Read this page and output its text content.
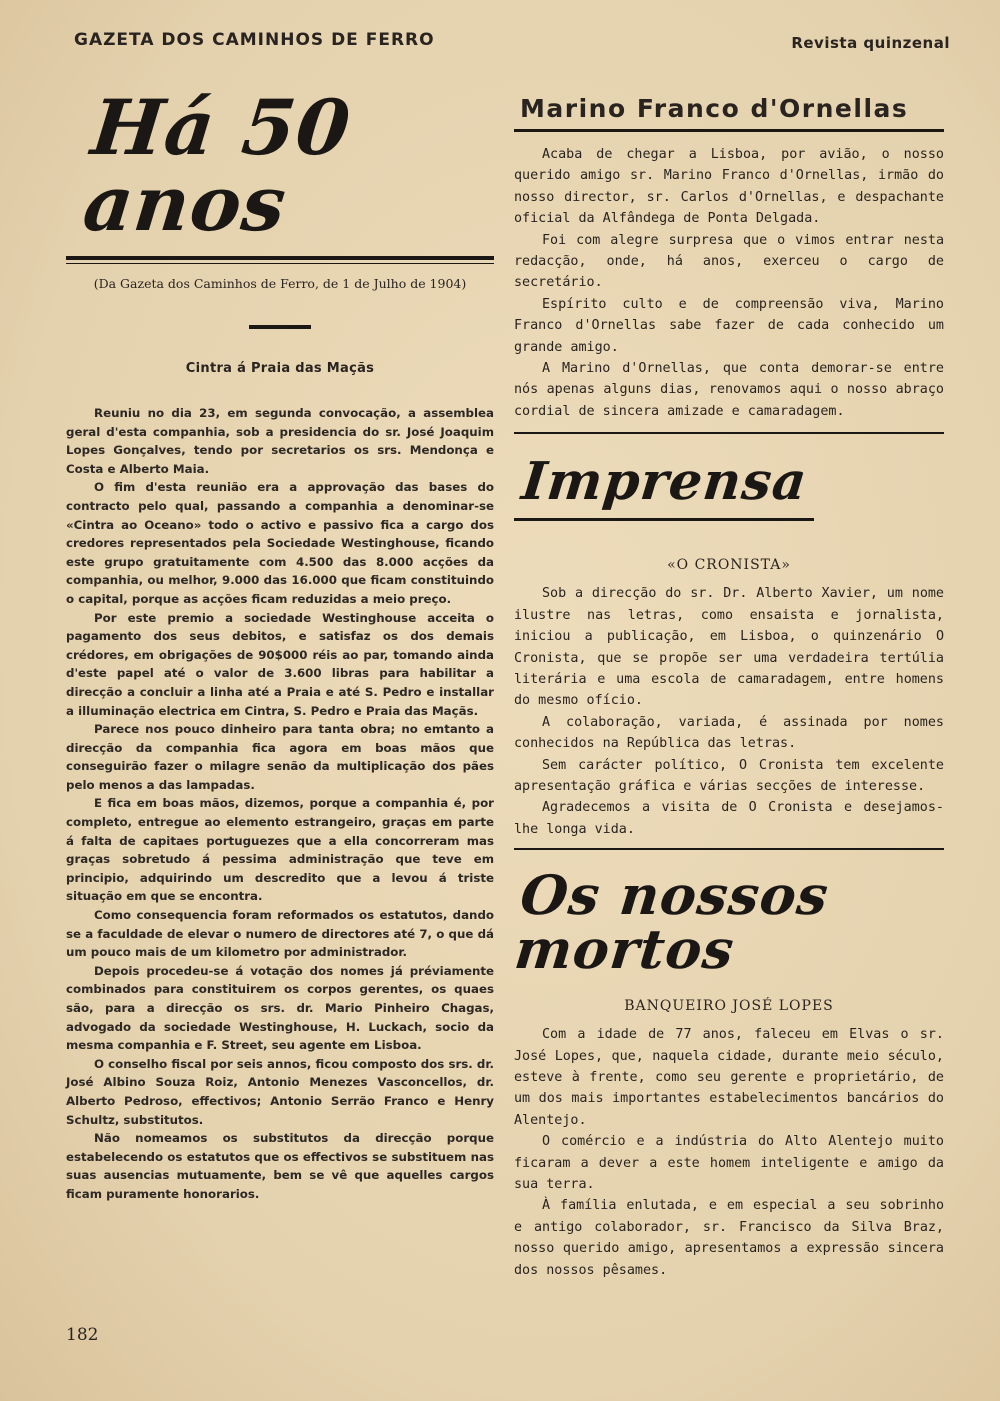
GAZETA DOS CAMINHOS DE FERRO	Revista quinzenal
Há 50 anos
(Da Gazeta dos Caminhos de Ferro, de 1 de Julho de 1904)
Cintra á Praia das Maçãs

Reuniu no dia 23, em segunda convocação, a assemblea geral d'esta companhia, sob a presidencia do sr. José Joaquim Lopes Gonçalves, tendo por secretarios os srs. Mendonça e Costa e Alberto Maia.

O fim d'esta reunião era a approvação das bases do contracto pelo qual, passando a companhia a denominar-se «Cintra ao Oceano» todo o activo e passivo fica a cargo dos credores representados pela Sociedade Westinghouse, ficando este grupo gratuitamente com 4.500 das 8.000 acções da companhia, ou melhor, 9.000 das 16.000 que ficam constituindo o capital, porque as acções ficam reduzidas a meio preço.

Por este premio a sociedade Westinghouse acceita o pagamento dos seus debitos, e satisfaz os dos demais crédores, em obrigações de 90$000 réis ao par, tomando ainda d'este papel até o valor de 3.600 libras para habilitar a direcção a concluir a linha até a Praia e até S. Pedro e installar a illuminação electrica em Cintra, S. Pedro e Praia das Maçãs.

Parece nos pouco dinheiro para tanta obra; no emtanto a direcção da companhia fica agora em boas mãos que conseguirão fazer o milagre senão da multiplicação dos pães pelo menos a das lampadas.

E fica em boas mãos, dizemos, porque a companhia é, por completo, entregue ao elemento estrangeiro, graças em parte á falta de capitaes portuguezes que a ella concorreram mas graças sobretudo á pessima administração que teve em principio, adquirindo um descredito que a levou á triste situação em que se encontra.

Como consequencia foram reformados os estatutos, dando se a faculdade de elevar o numero de directores até 7, o que dá um pouco mais de um kilometro por administrador.

Depois procedeu-se á votação dos nomes já préviamente combinados para constituirem os corpos gerentes, os quaes são, para a direcção os srs. dr. Mario Pinheiro Chagas, advogado da sociedade Westinghouse, H. Luckach, socio da mesma companhia e F. Street, seu agente em Lisboa.

O conselho fiscal por seis annos, ficou composto dos srs. dr. José Albino Souza Roiz, Antonio Menezes Vasconcellos, dr. Alberto Pedroso, effectivos; Antonio Serrão Franco e Henry Schultz, substitutos.

Não nomeamos os substitutos da direcção porque estabelecendo os estatutos que os effectivos se substituem nas suas ausencias mutuamente, bem se vê que aquelles cargos ficam puramente honorarios.

Marino Franco d'Ornellas

Acaba de chegar a Lisboa, por avião, o nosso querido amigo sr. Marino Franco d'Ornellas, irmão do nosso director, sr. Carlos d'Ornellas, e despachante oficial da Alfândega de Ponta Delgada.

Foi com alegre surpresa que o vimos entrar nesta redacção, onde, há anos, exerceu o cargo de secretário.

Espírito culto e de compreensão viva, Marino Franco d'Ornellas sabe fazer de cada conhecido um grande amigo.

A Marino d'Ornellas, que conta demorar-se entre nós apenas alguns dias, renovamos aqui o nosso abraço cordial de sincera amizade e camaradagem.

Imprensa
«O CRONISTA»

Sob a direcção do sr. Dr. Alberto Xavier, um nome ilustre nas letras, como ensaista e jornalista, iniciou a publicação, em Lisboa, o quinzenário O Cronista, que se propõe ser uma verdadeira tertúlia literária e uma escola de camaradagem, entre homens do mesmo ofício.

A colaboração, variada, é assinada por nomes conhecidos na República das letras.

Sem carácter político, O Cronista tem excelente apresentação gráfica e várias secções de interesse.

Agradecemos a visita de O Cronista e desejamos-lhe longa vida.

Os nossos mortos
BANQUEIRO JOSÉ LOPES

Com a idade de 77 anos, faleceu em Elvas o sr. José Lopes, que, naquela cidade, durante meio século, esteve à frente, como seu gerente e proprietário, de um dos mais importantes estabelecimentos bancários do Alentejo.

O comércio e a indústria do Alto Alentejo muito ficaram a dever a este homem inteligente e amigo da sua terra.

À família enlutada, e em especial a seu sobrinho e antigo colaborador, sr. Francisco da Silva Braz, nosso querido amigo, apresentamos a expressão sincera dos nossos pêsames.

182
